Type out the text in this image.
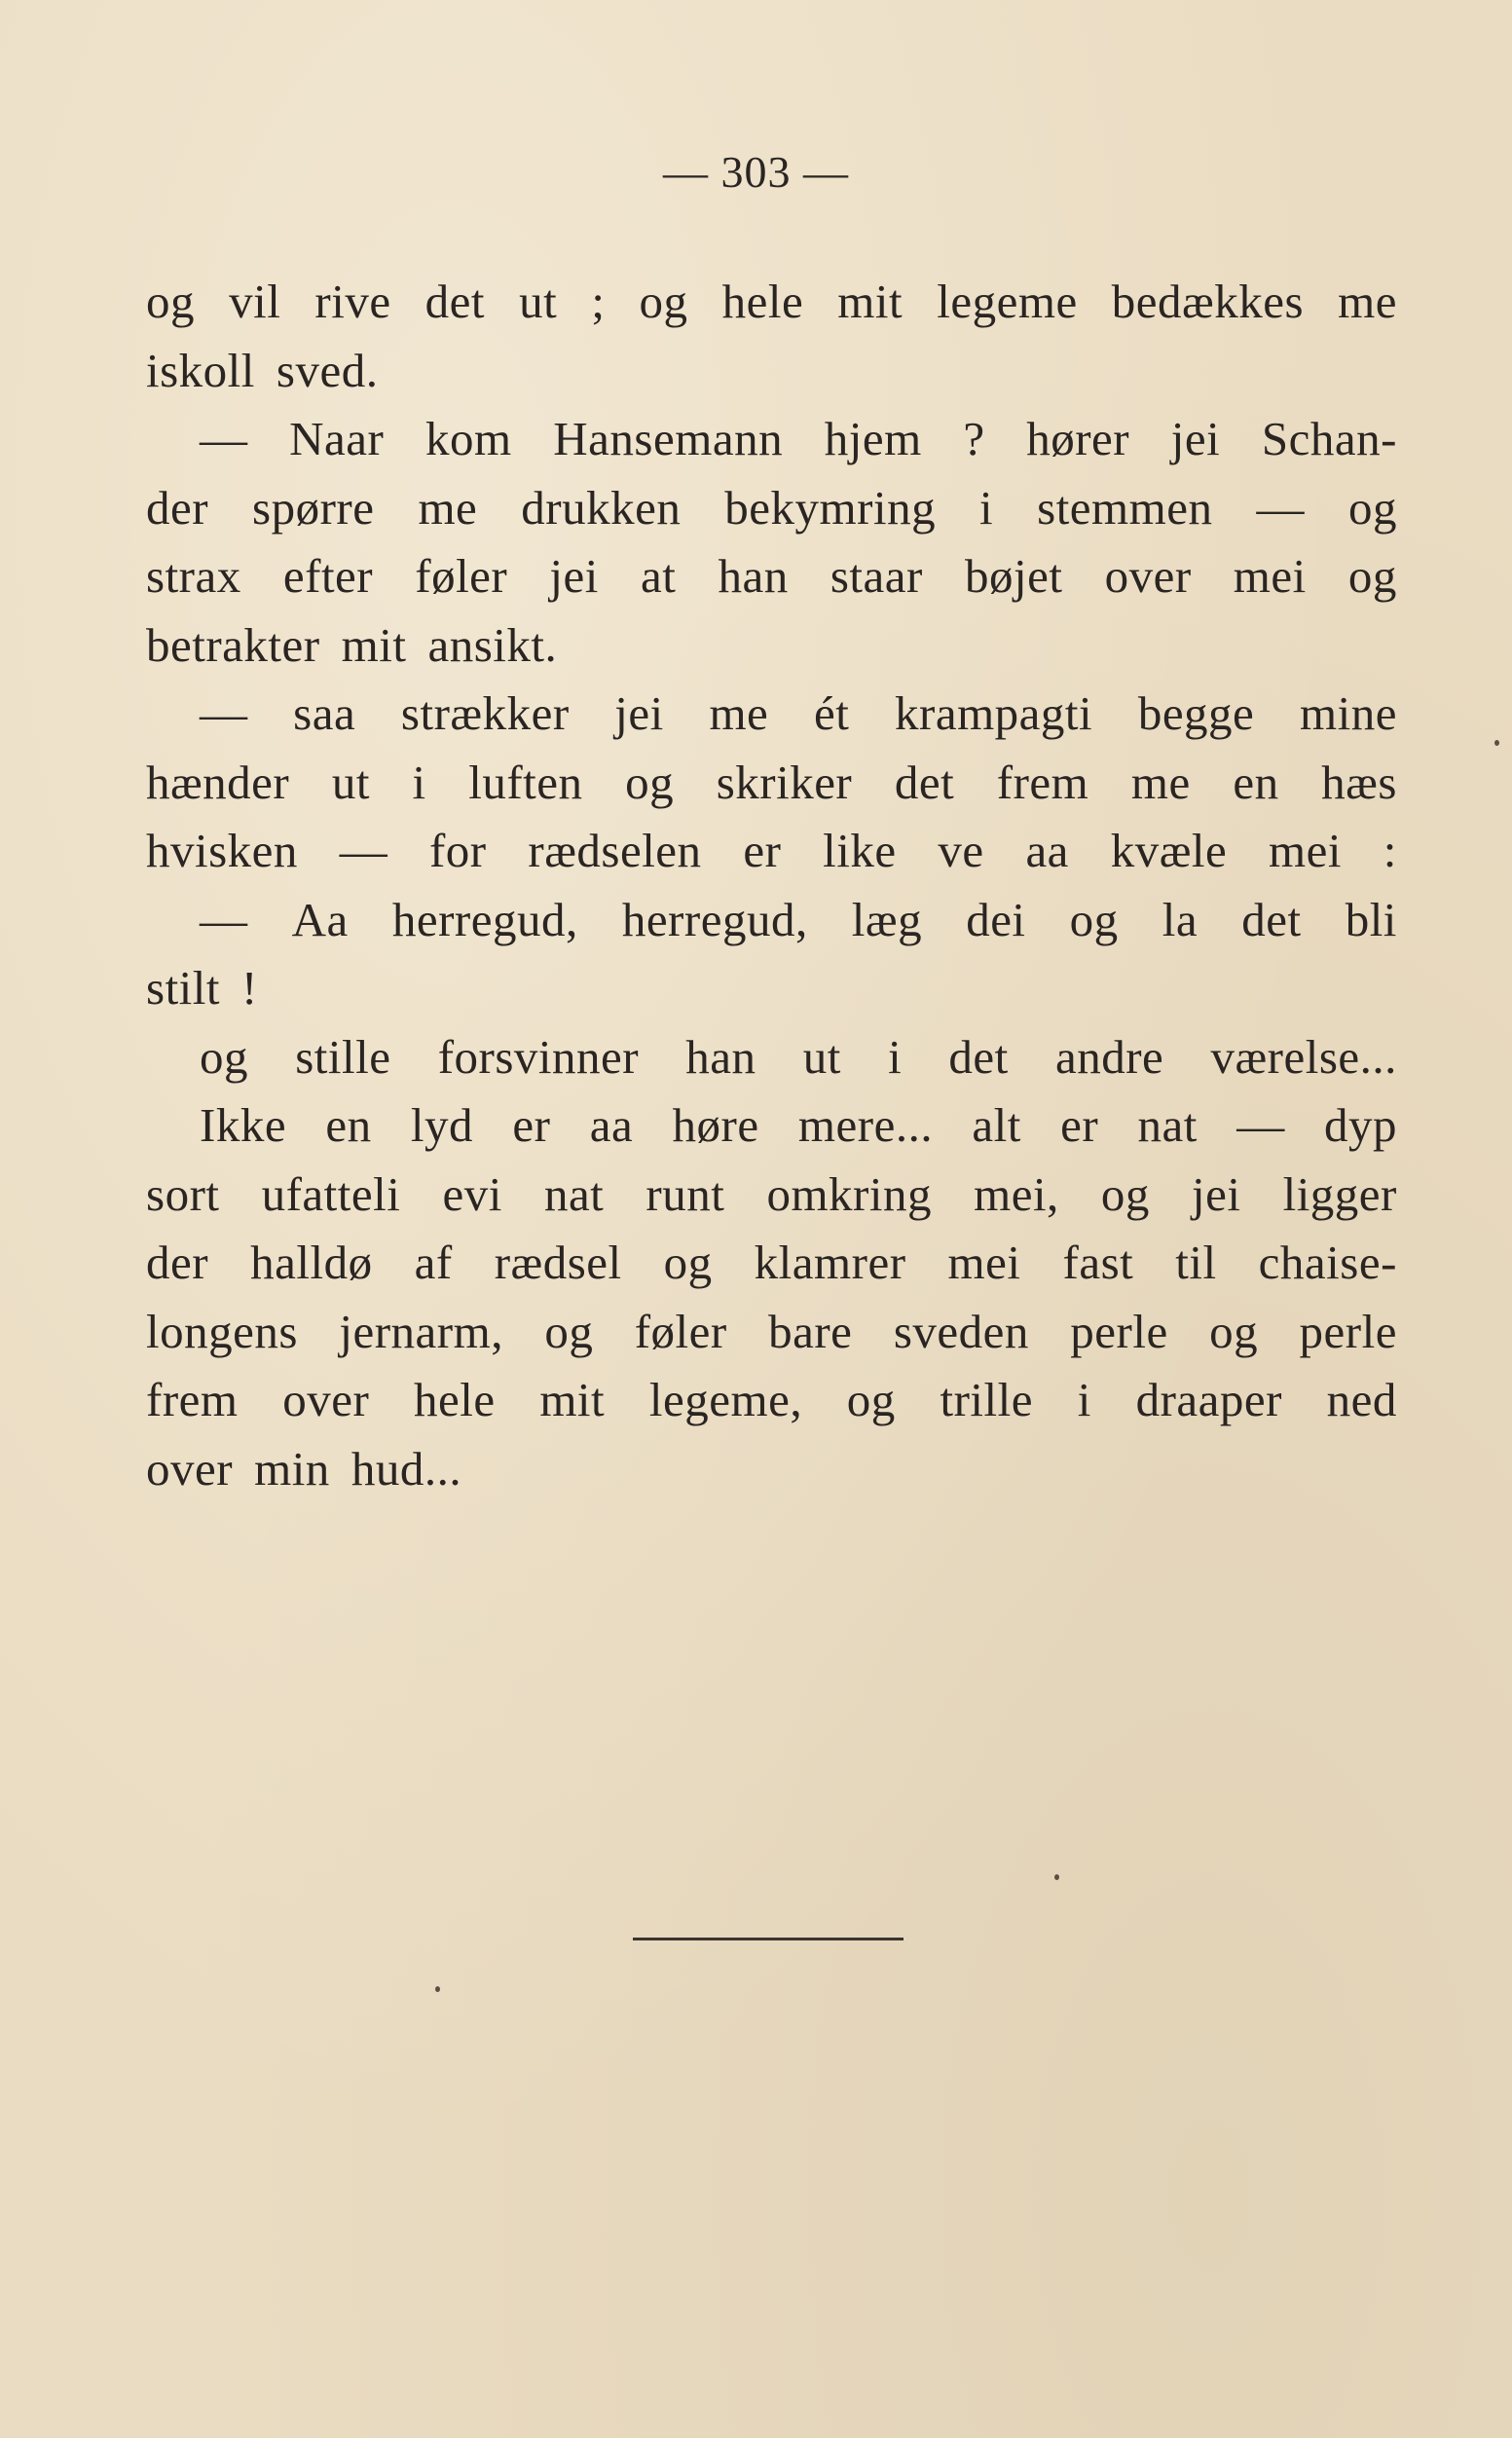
— 303 —
og vil rive det ut ; og hele mit legeme bedækkes me
iskoll sved.
— Naar kom Hansemann hjem ? hører jei Schan-
der spørre me drukken bekymring i stemmen — og
strax efter føler jei at han staar bøjet over mei og
betrakter mit ansikt.
— saa strækker jei me ét krampagti begge mine
hænder ut i luften og skriker det frem me en hæs
hvisken — for rædselen er like ve aa kvæle mei :
— Aa herregud, herregud, læg dei og la det bli
stilt !
og stille forsvinner han ut i det andre værelse...
Ikke en lyd er aa høre mere... alt er nat — dyp
sort ufatteli evi nat runt omkring mei, og jei ligger
der halldø af rædsel og klamrer mei fast til chaise-
longens jernarm, og føler bare sveden perle og perle
frem over hele mit legeme, og trille i draaper ned
over min hud...
